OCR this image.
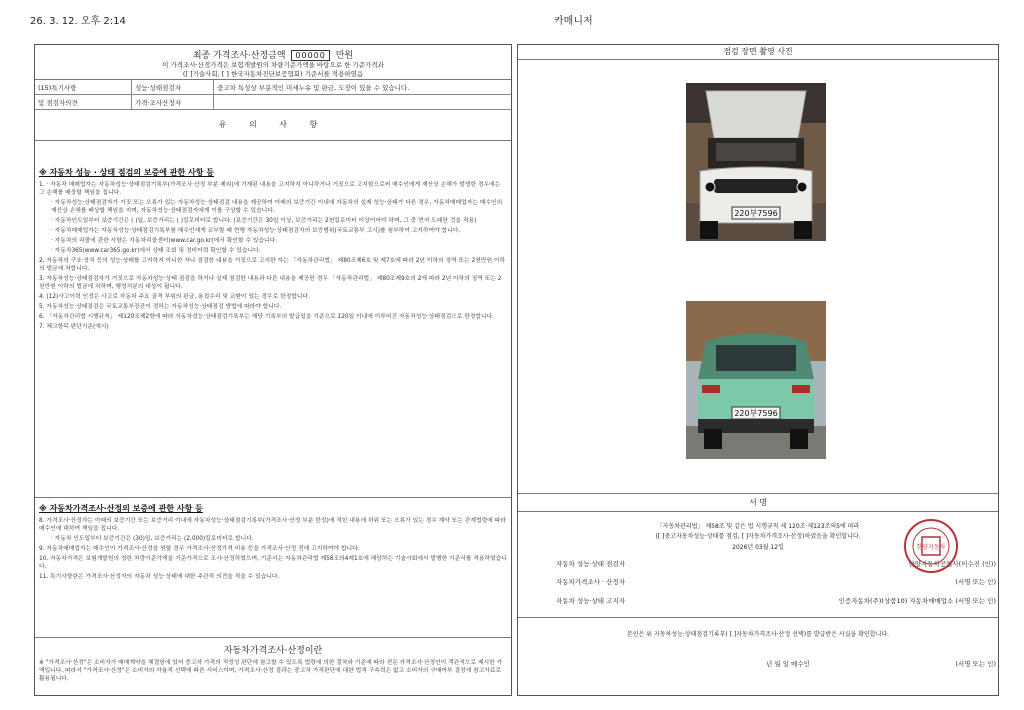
26. 3. 12. 오후 2:14	카매니저
최종 가격조사·산정금액 00000 만원
이 가격조사·산정가격은 보험개발원의 차량기준가액을 바탕으로 한 기준가격과
([ ]기술사회, [ ] 한국자동차진단보증협회) 기준서를 적용하였음
(15)특기사항	성능·상태점검자	중고차 특성상 부분적인 미세누유 및 판금, 도장이 있을 수 있습니다.
및 점검자의견	가격·조사산정자	
유 의 사 항
※ 자동차 성능 · 상태 점검의 보증에 관한 사항 등
1. · 자동차 매매업자는 자동차성능·상태점검기록부(가격조사·산정 부분 제외)에 기재된 내용을 고지하지 아니하거나 거짓으로 고지함으로써 매수인에게 재산상 손해가 발생한 경우에는 그 손해를 배상할 책임을 집니다.
· 자동차성능·상태점검자가 거짓 또는 오류가 있는 자동차성능·상태점검 내용을 제공하여 아래의 보증기간 이내에 자동차의 실제 성능·상태가 다른 경우, 자동차매매업자는 매수인의 재산상 손해를 배상할 책임을 지며, 자동차성능·상태점검자에게 이를 구상할 수 있습니다.
· 자동차인도일부터 보증기간은 ( )일, 보증거리는 ( )킬로미터로 합니다. (보증기간은 30일 이상, 보증거리는 2천킬로미터 이상이어야 하며, 그 중 먼저 도래한 것을 적용)
· 자동차매매업자는 자동차성능·상태점검기록부를 매수인에게 교부할 때 현행 자동차성능·상태점검자의 보증범위(국토교통부 고시)를 첨부하여 고지하여야 합니다.
· 자동차의 리콜에 관한 사항은 자동차리콜센터(www.car.go.kr)에서 확인할 수 있습니다.
· 자동차365(www.car365.go.kr)에서 상태 조회 및 정비이력 확인할 수 있습니다.
2. 자동차의 구조·장치 등의 성능·상태를 고지하지 아니한 자나 점검한 내용을 거짓으로 고지한 자는 「자동차관리법」 제80조제6호 및 제7호에 따라 2년 이하의 징역 또는 2천만원 이하의 벌금에 처합니다.
3. 자동차성능·상태점검자가 거짓으로 자동차성능·상태 점검을 하거나 실제 점검한 내용과 다른 내용을 제공한 경우 「자동차관리법」 제80조제9호의 2에 따라 2년 이하의 징역 또는 2천만원 이하의 벌금에 처하며, 행정처분의 대상이 됩니다.
4. (12)사고이력 인정은 사고로 자동차 주요 골격 부위의 판금, 용접수리 및 교환이 있는 경우로 한정합니다.
5. 자동차성능·상태점검은 국토교통부장관이 정하는 자동차성능·상태점검 방법에 따라야 합니다.
6. 「자동차관리법 시행규칙」 제120조제2항에 따라 자동차성능·상태점검기록부는 해당 기록부의 발급일을 기준으로 120일 이내에 이루어진 자동차성능·상태점검으로 한정합니다.
7. 체크항목 판단기준(예시)
※ 자동차가격조사·산정의 보증에 관한 사항 등
8. 가격조사·산정자는 아래의 보증기간 또는 보증거리 이내에 자동차성능·상태점검기록부(가격조사·산정 부분 한정)에 적힌 내용에 허위 또는 오류가 있는 경우 계약 또는 관계법령에 따라 매수인에 대하여 책임을 집니다.
· 자동차 인도일부터 보증기간은 (30)일, 보증거리는 (2,000)킬로미터로 합니다.
9. 자동차매매업자는 매수인이 가격조사·산정을 원할 경우 가격조사·산정가격 비용 등을 가격조사·산정 전에 고지하여야 합니다.
10. 자동차가격은 보험개발원의 정한 차량기준가액을 기준가격으로 조사·산정하였으며, 기준서는 자동차관리법 제58조의4제1호에 해당하는 기술사회에서 발행한 기준서를 적용하였습니다.
11. 특기사항란은 가격조사·산정자의 자동차 성능·상태에 대한 주관적 의견을 적을 수 있습니다.
자동차가격조사·산정이란
※ "가격조사·산정"은 소비자가 매매계약을 체결함에 있어 중고차 가격의 적정성 판단에 참고할 수 있도록 법령에 의한 절차와 기준에 따라 전문 가격조사·산정인이 객관적으로 제시한 가액입니다. 따라서 "가격조사·산정"은 소비자의 자율적 선택에 따른 서비스이며, 가격조사·산정 결과는 중고차 가격판단에 대한 법적 구속력은 없고 소비자의 구매여부 결정에 참고자료로 활용됩니다.
점검 장면 촬영 사진
220부7596
220부7596
서 명
「자동차관리법」 제58조 및 같은 법 시행규칙 제 120조·제123조의5에 따라
([ ]중고자동차성능·상태를 점검, [ ]자동차가격조사·산정)하였음을 확인합니다.
2026년 03월 12일
자동차 성능·상태 점검자	한양자동차공업사(이수진 (인))
자동차가격조사 · 산정자	(서명 또는 인)
자동차 성능·상태 고지자	인증자동차(주)(상품10) 자동차매매업소 (서명 또는 인)
한양자동차
본인은 위 자동차성능·상태점검기록부( [ ]자동차가격조사·산정 선택)를 발급받은 사실을 확인합니다.
년 월 일 매수인	(서명 또는 인)
